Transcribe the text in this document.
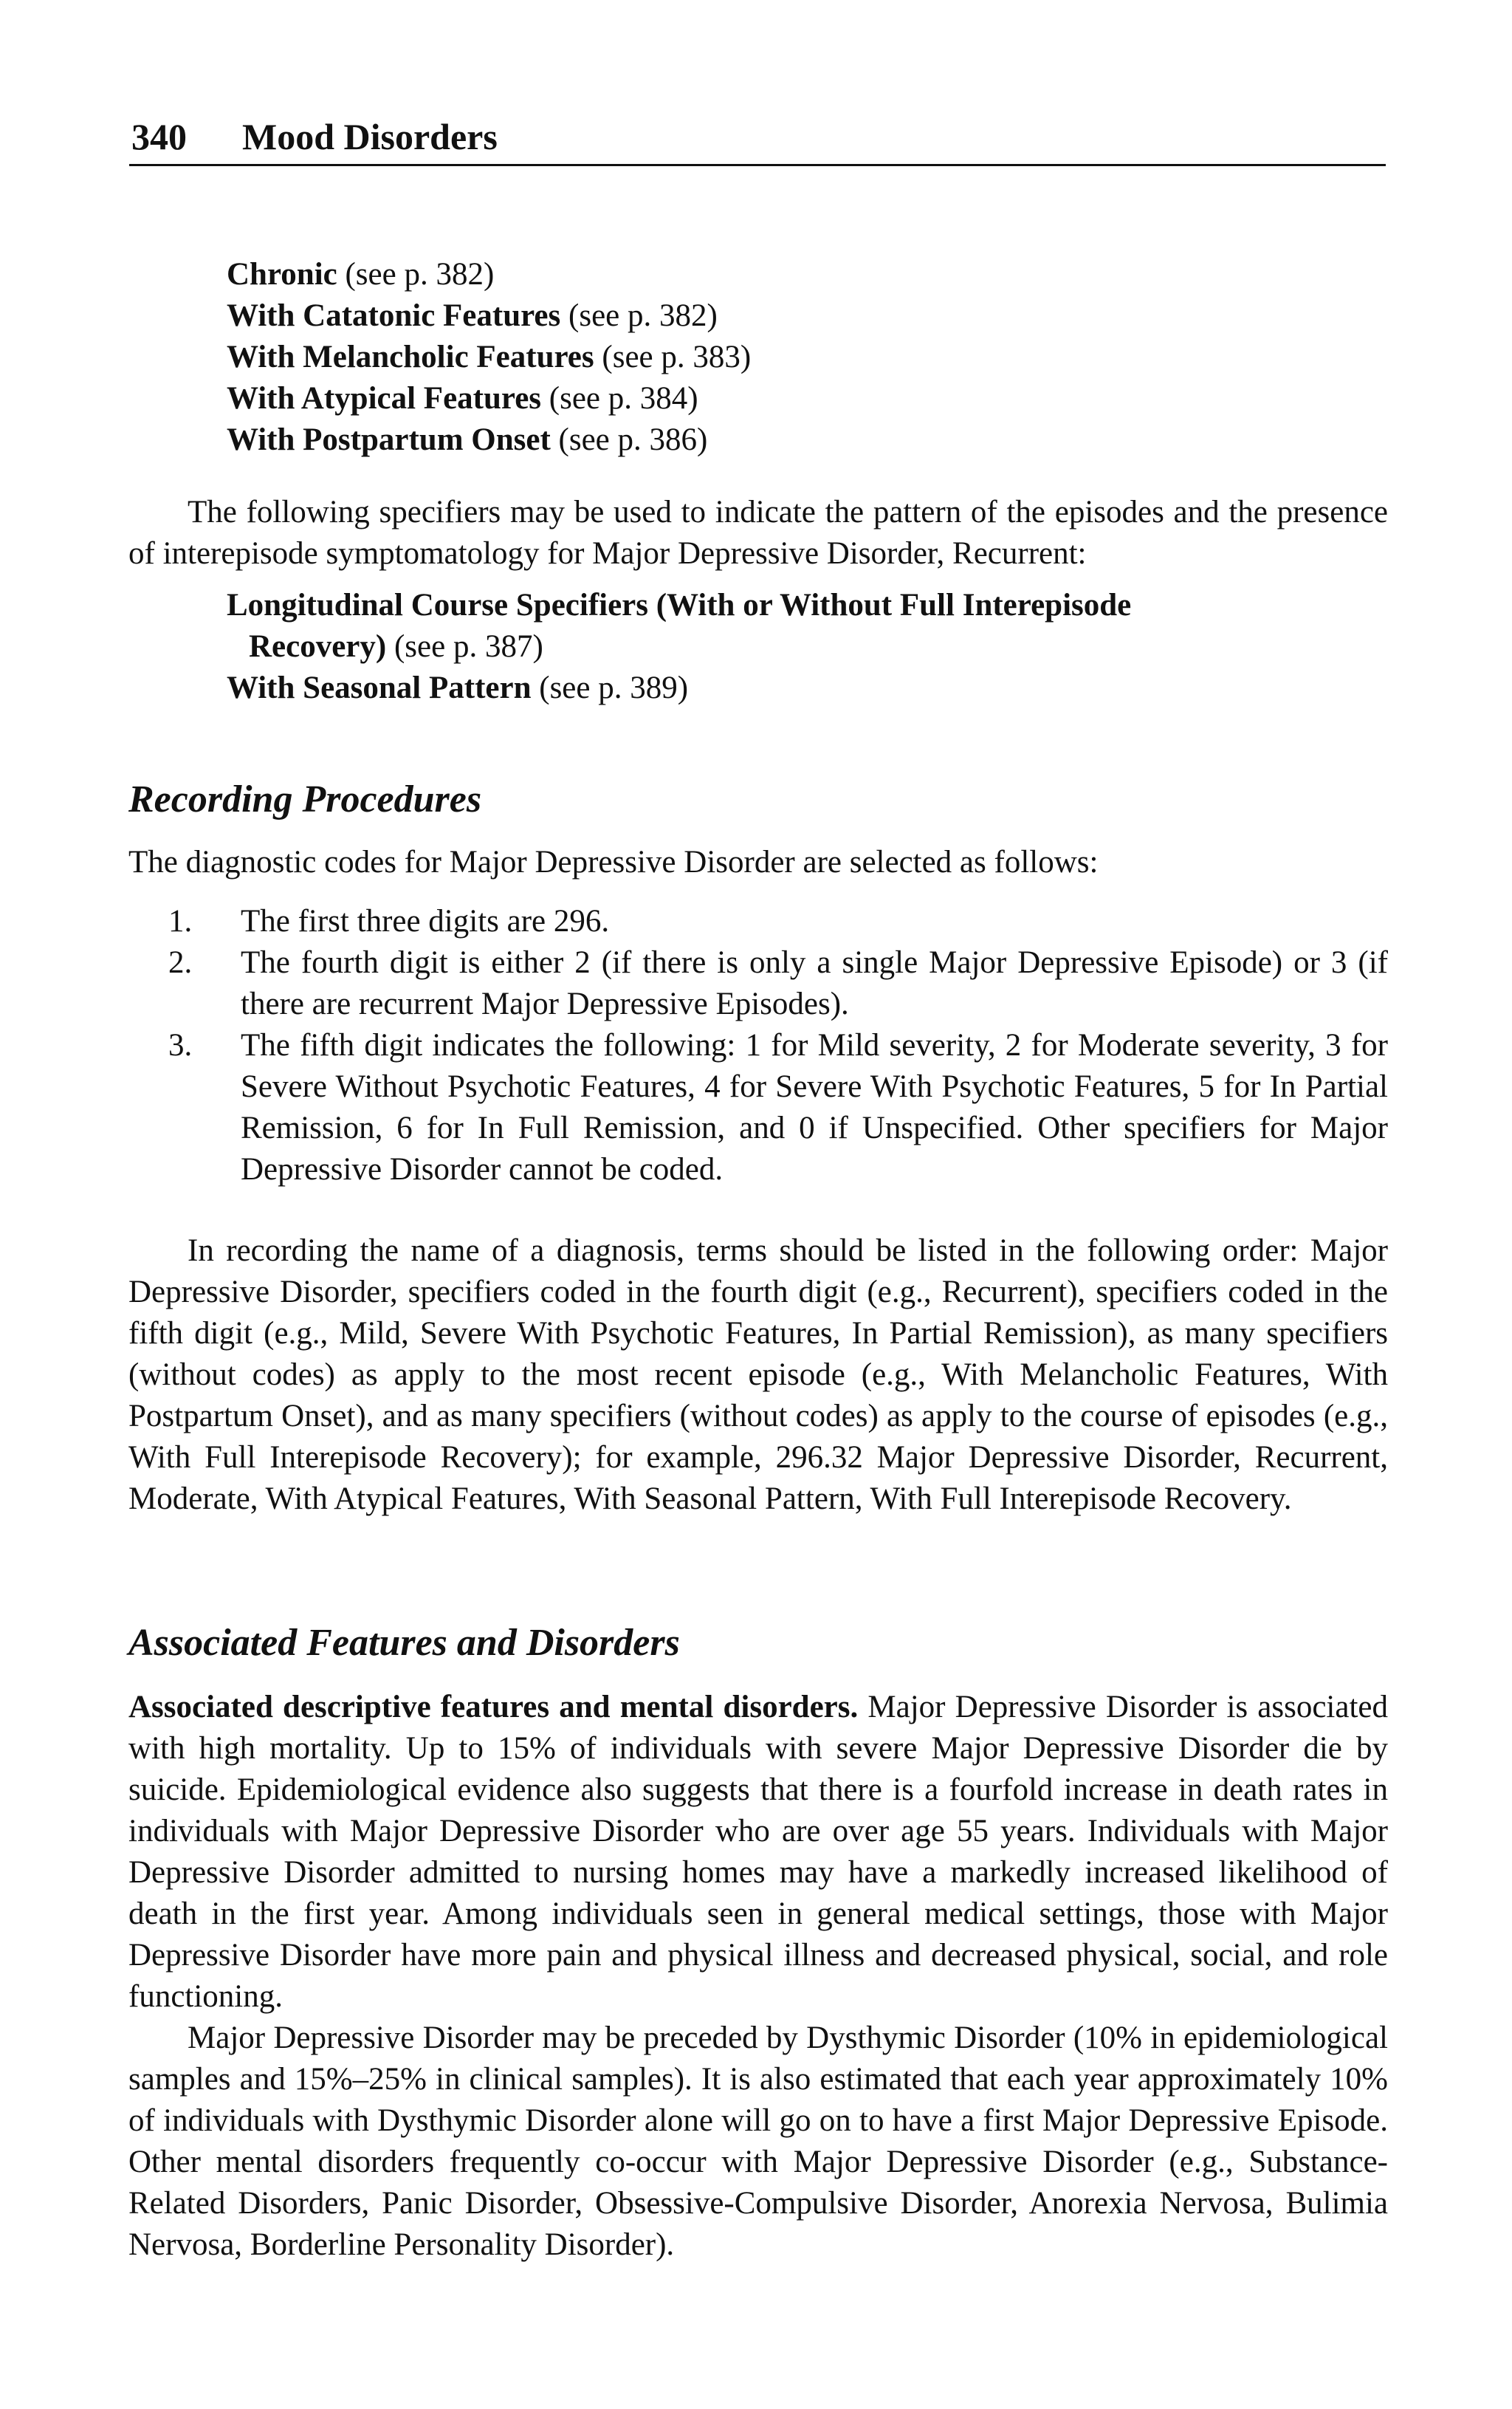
340 Mood Disorders

Chronic (see p. 382)

With Catatonic Features (see p. 382)

With Melancholic Features (see p. 383)

With Atypical Features (see p. 384)

With Postpartum Onset (see p. 386)

The following specifiers may be used to indicate the pattern of the episodes and the presence of interepisode symptomatology for Major Depressive Disorder, Recurrent:

Longitudinal Course Specifiers (With or Without Full Interepisode

Recovery) (see p. 387)

With Seasonal Pattern (see p. 389)

Recording Procedures

The diagnostic codes for Major Depressive Disorder are selected as follows:

1. The first three digits are 296.
2. The fourth digit is either 2 (if there is only a single Major Depressive Episode) or 3 (if there are recurrent Major Depressive Episodes).
3. The fifth digit indicates the following: 1 for Mild severity, 2 for Moderate severity, 3 for Severe Without Psychotic Features, 4 for Severe With Psychotic Features, 5 for In Partial Remission, 6 for In Full Remission, and 0 if Unspecified. Other specifiers for Major Depressive Disorder cannot be coded.

In recording the name of a diagnosis, terms should be listed in the following order: Major Depressive Disorder, specifiers coded in the fourth digit (e.g., Recurrent), specifiers coded in the fifth digit (e.g., Mild, Severe With Psychotic Features, In Partial Remission), as many specifiers (without codes) as apply to the most recent episode (e.g., With Melancholic Features, With Postpartum Onset), and as many specifiers (without codes) as apply to the course of episodes (e.g., With Full Interepisode Recovery); for example, 296.32 Major Depressive Disorder, Recurrent, Moderate, With Atypical Features, With Seasonal Pattern, With Full Interepisode Recovery.

Associated Features and Disorders

Associated descriptive features and mental disorders. Major Depressive Disorder is associated with high mortality. Up to 15% of individuals with severe Major Depressive Disorder die by suicide. Epidemiological evidence also suggests that there is a fourfold increase in death rates in individuals with Major Depressive Disorder who are over age 55 years. Individuals with Major Depressive Disorder admitted to nursing homes may have a markedly increased likelihood of death in the first year. Among individuals seen in general medical settings, those with Major Depressive Disorder have more pain and physical illness and decreased physical, social, and role functioning.

Major Depressive Disorder may be preceded by Dysthymic Disorder (10% in epidemiological samples and 15%–25% in clinical samples). It is also estimated that each year approximately 10% of individuals with Dysthymic Disorder alone will go on to have a first Major Depressive Episode. Other mental disorders frequently co-occur with Major Depressive Disorder (e.g., Substance-Related Disorders, Panic Disorder, Obsessive-Compulsive Disorder, Anorexia Nervosa, Bulimia Nervosa, Borderline Personality Disorder).
